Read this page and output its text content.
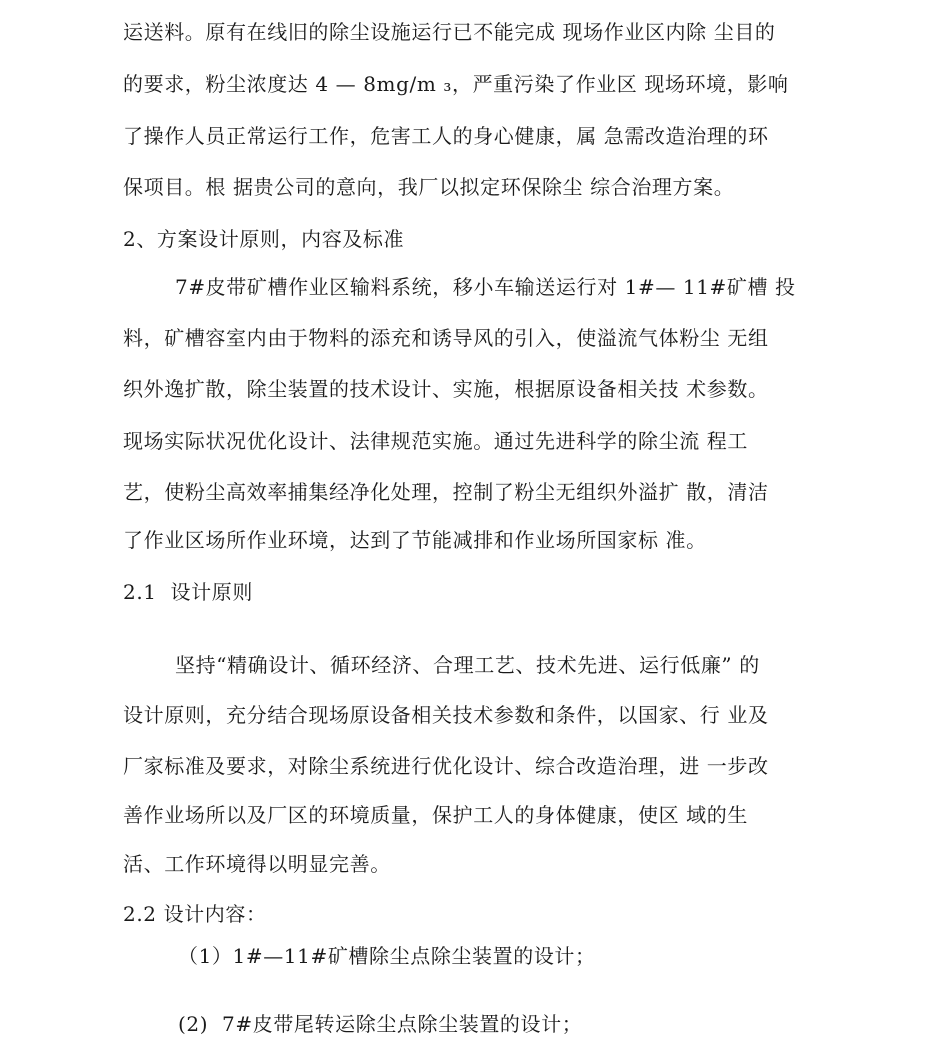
运送料。原有在线旧的除尘设施运行已不能完成 现场作业区内除 尘目的
的要求，粉尘浓度达 4 — 8mg/m ₃，严重污染了作业区 现场环境，影响
了操作人员正常运行工作，危害工人的身心健康，属 急需改造治理的环
保项目。根 据贵公司的意向，我厂以拟定环保除尘 综合治理方案。
2、方案设计原则，内容及标准
7#皮带矿槽作业区输料系统，移小车输送运行对 1#— 11#矿槽 投
料，矿槽容室内由于物料的添充和诱导风的引入，使溢流气体粉尘 无组
织外逸扩散，除尘装置的技术设计、实施，根据原设备相关技 术参数。
现场实际状况优化设计、法律规范实施。通过先进科学的除尘流 程工
艺，使粉尘高效率捕集经净化处理，控制了粉尘无组织外溢扩 散，清洁
了作业区场所作业环境，达到了节能减排和作业场所国家标 准。
2.1  设计原则
坚持“精确设计、循环经济、合理工艺、技术先进、运行低廉” 的
设计原则，充分结合现场原设备相关技术参数和条件，以国家、行 业及
厂家标准及要求，对除尘系统进行优化设计、综合改造治理，进 一步改
善作业场所以及厂区的环境质量，保护工人的身体健康，使区 域的生
活、工作环境得以明显完善。
2.2 设计内容：
（1）1#—11#矿槽除尘点除尘装置的设计；
(2)  7#皮带尾转运除尘点除尘装置的设计；
